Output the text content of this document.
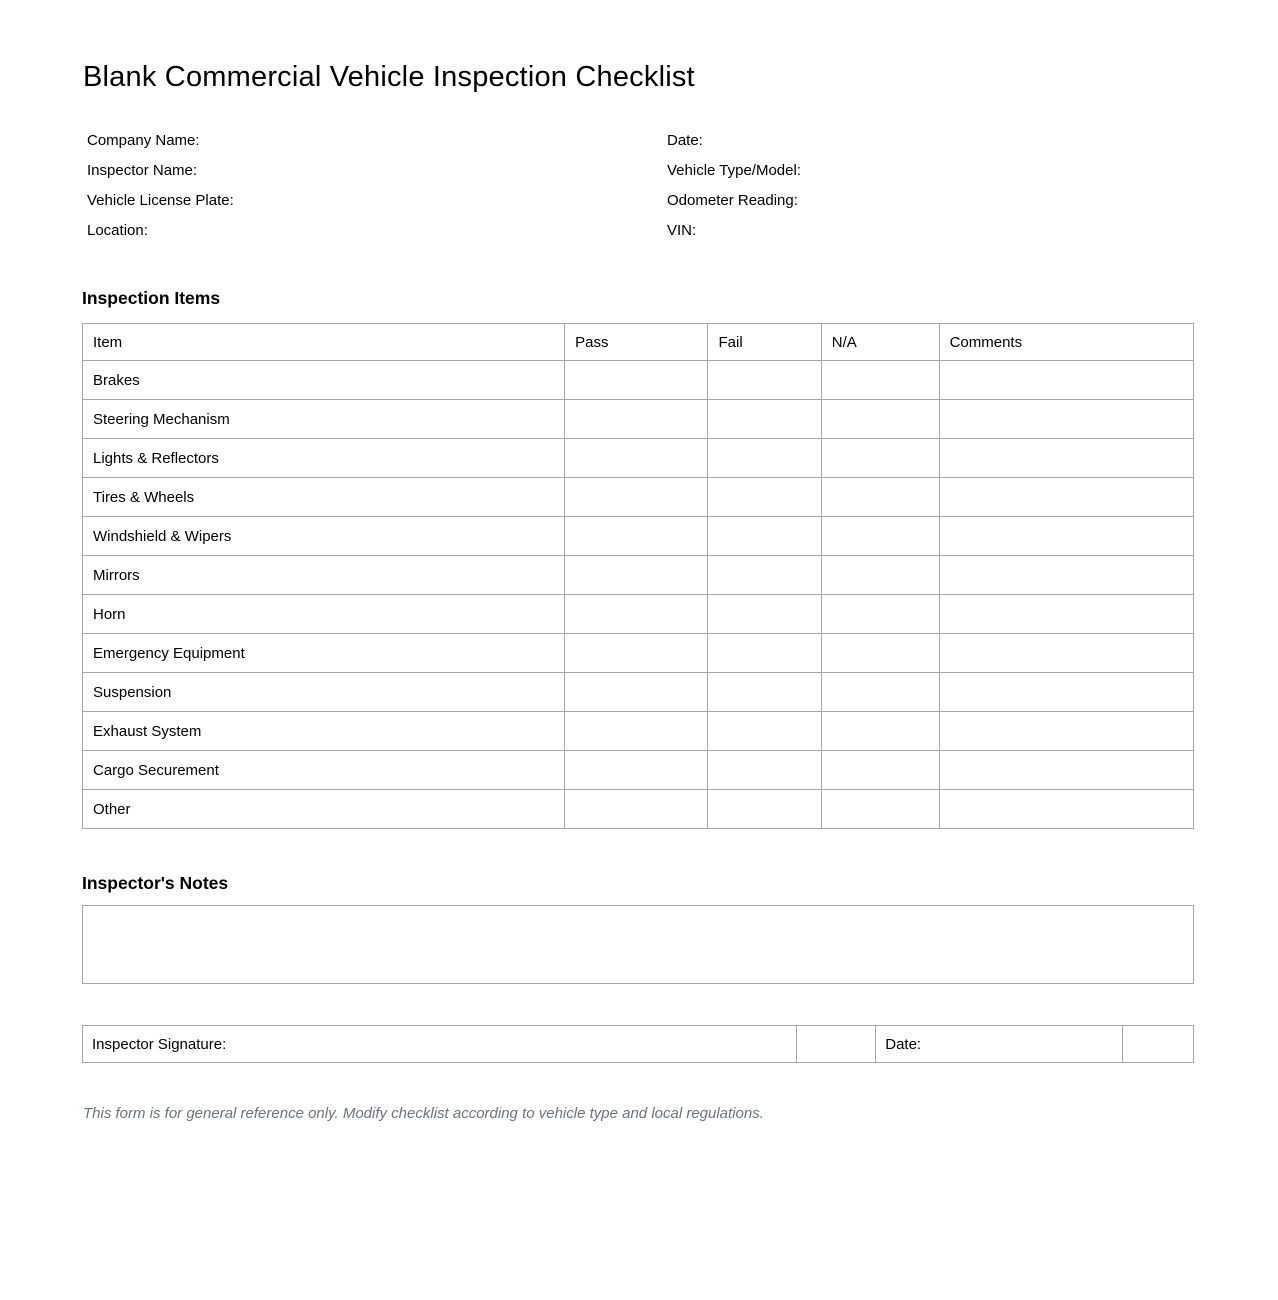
Blank Commercial Vehicle Inspection Checklist
Company Name:	Date:
Inspector Name:	Vehicle Type/Model:
Vehicle License Plate:	Odometer Reading:
Location:	VIN:
Inspection Items
Item	Pass	Fail	N/A	Comments
Brakes				
Steering Mechanism				
Lights & Reflectors				
Tires & Wheels				
Windshield & Wipers				
Mirrors				
Horn				
Emergency Equipment				
Suspension				
Exhaust System				
Cargo Securement				
Other				
Inspector's Notes
Inspector Signature:		Date:	

This form is for general reference only. Modify checklist according to vehicle type and local regulations.
